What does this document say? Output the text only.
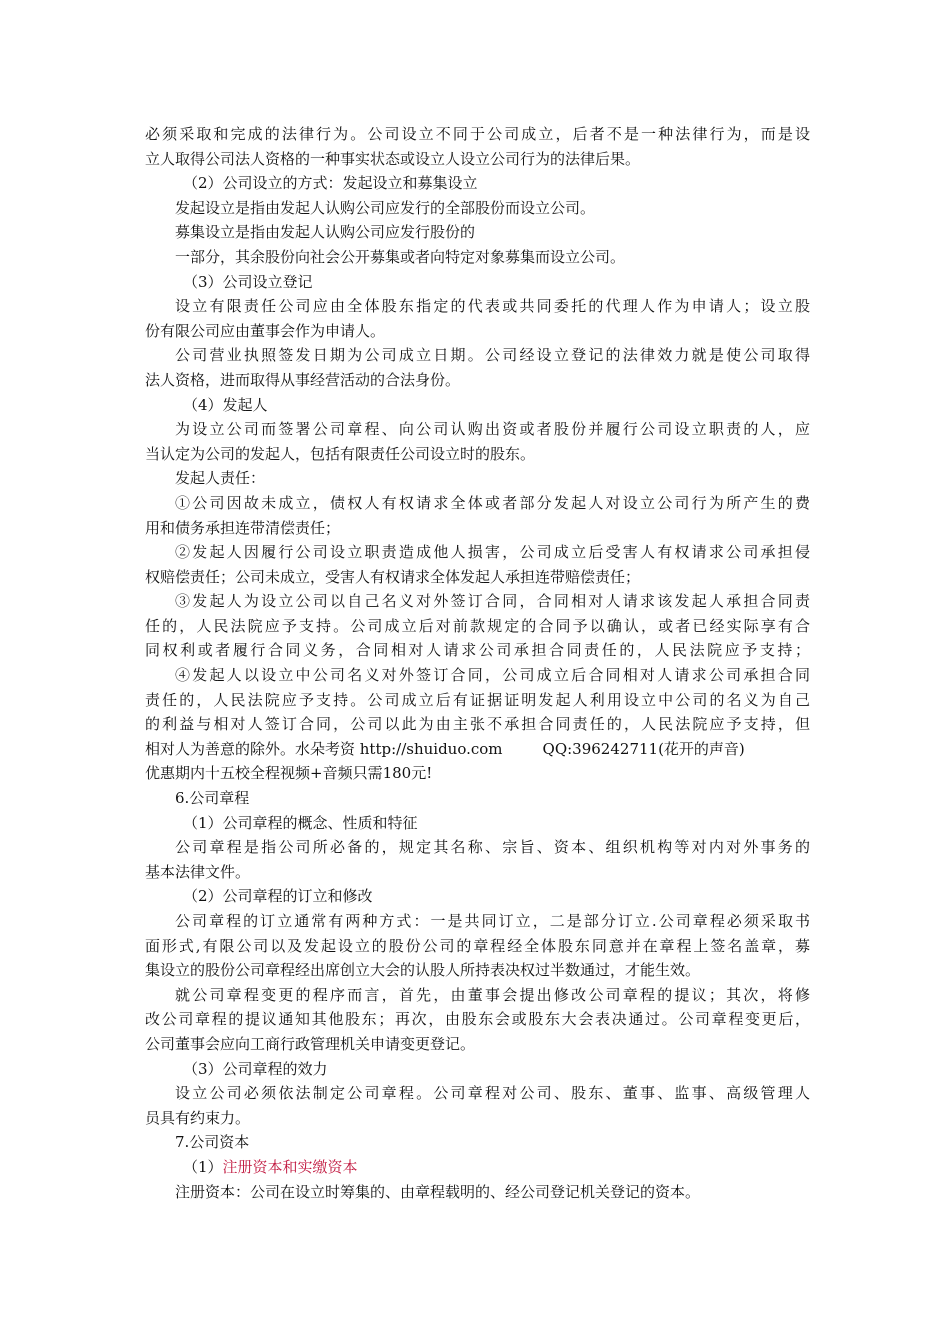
必须采取和完成的法律行为。公司设立不同于公司成立，后者不是一种法律行为，而是设
立人取得公司法人资格的一种事实状态或设立人设立公司行为的法律后果。
（2）公司设立的方式：发起设立和募集设立
发起设立是指由发起人认购公司应发行的全部股份而设立公司。
募集设立是指由发起人认购公司应发行股份的
一部分，其余股份向社会公开募集或者向特定对象募集而设立公司。
（3）公司设立登记
设立有限责任公司应由全体股东指定的代表或共同委托的代理人作为申请人；设立股
份有限公司应由董事会作为申请人。
公司营业执照签发日期为公司成立日期。公司经设立登记的法律效力就是使公司取得
法人资格，进而取得从事经营活动的合法身份。
（4）发起人
为设立公司而签署公司章程、向公司认购出资或者股份并履行公司设立职责的人，应
当认定为公司的发起人，包括有限责任公司设立时的股东。
发起人责任：
①公司因故未成立，债权人有权请求全体或者部分发起人对设立公司行为所产生的费
用和债务承担连带清偿责任；
②发起人因履行公司设立职责造成他人损害，公司成立后受害人有权请求公司承担侵
权赔偿责任；公司未成立，受害人有权请求全体发起人承担连带赔偿责任；
③发起人为设立公司以自己名义对外签订合同，合同相对人请求该发起人承担合同责
任的，人民法院应予支持。公司成立后对前款规定的合同予以确认，或者已经实际享有合
同权利或者履行合同义务，合同相对人请求公司承担合同责任的，人民法院应予支持；
④发起人以设立中公司名义对外签订合同，公司成立后合同相对人请求公司承担合同
责任的，人民法院应予支持。公司成立后有证据证明发起人利用设立中公司的名义为自己
的利益与相对人签订合同，公司以此为由主张不承担合同责任的，人民法院应予支持，但
相对人为善意的除外。水朵考资 http://shuiduo.com	QQ:396242711(花开的声音)
优惠期内十五校全程视频+音频只需180元!
6.公司章程
（1）公司章程的概念、性质和特征
公司章程是指公司所必备的，规定其名称、宗旨、资本、组织机构等对内对外事务的
基本法律文件。
（2）公司章程的订立和修改
公司章程的订立通常有两种方式：一是共同订立，二是部分订立.公司章程必须采取书
面形式,有限公司以及发起设立的股份公司的章程经全体股东同意并在章程上签名盖章，募
集设立的股份公司章程经出席创立大会的认股人所持表决权过半数通过，才能生效。
就公司章程变更的程序而言，首先，由董事会提出修改公司章程的提议；其次，将修
改公司章程的提议通知其他股东；再次，由股东会或股东大会表决通过。公司章程变更后，
公司董事会应向工商行政管理机关申请变更登记。
（3）公司章程的效力
设立公司必须依法制定公司章程。公司章程对公司、股东、董事、监事、高级管理人
员具有约束力。
7.公司资本
（1）注册资本和实缴资本
注册资本：公司在设立时筹集的、由章程载明的、经公司登记机关登记的资本。
